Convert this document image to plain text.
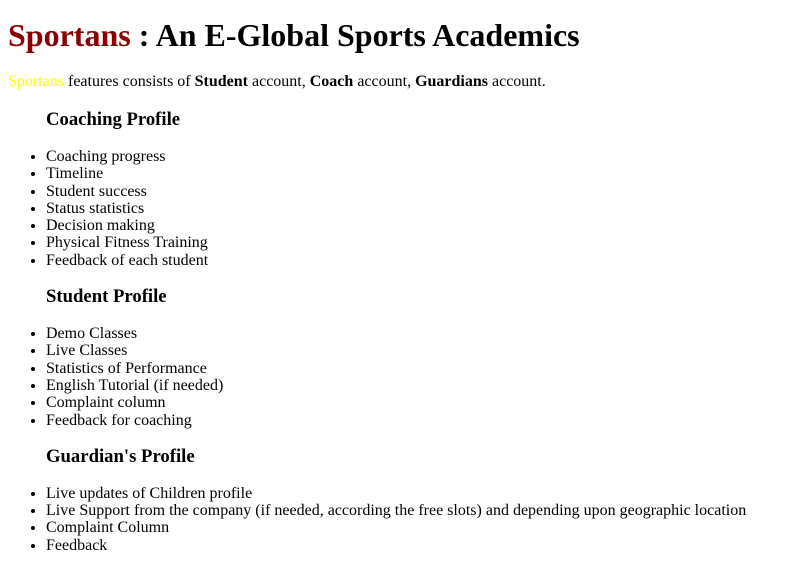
Sportans : An E-Global Sports Academics

Sportans features consists of Student account, Coach account, Guardians account.

Coaching Profile
• Coaching progress
• Timeline
• Student success
• Status statistics
• Decision making
• Physical Fitness Training
• Feedback of each student
Student Profile
• Demo Classes
• Live Classes
• Statistics of Performance
• English Tutorial (if needed)
• Complaint column
• Feedback for coaching
Guardian's Profile
• Live updates of Children profile
• Live Support from the company (if needed, according the free slots) and depending upon geographic location
• Complaint Column
• Feedback
